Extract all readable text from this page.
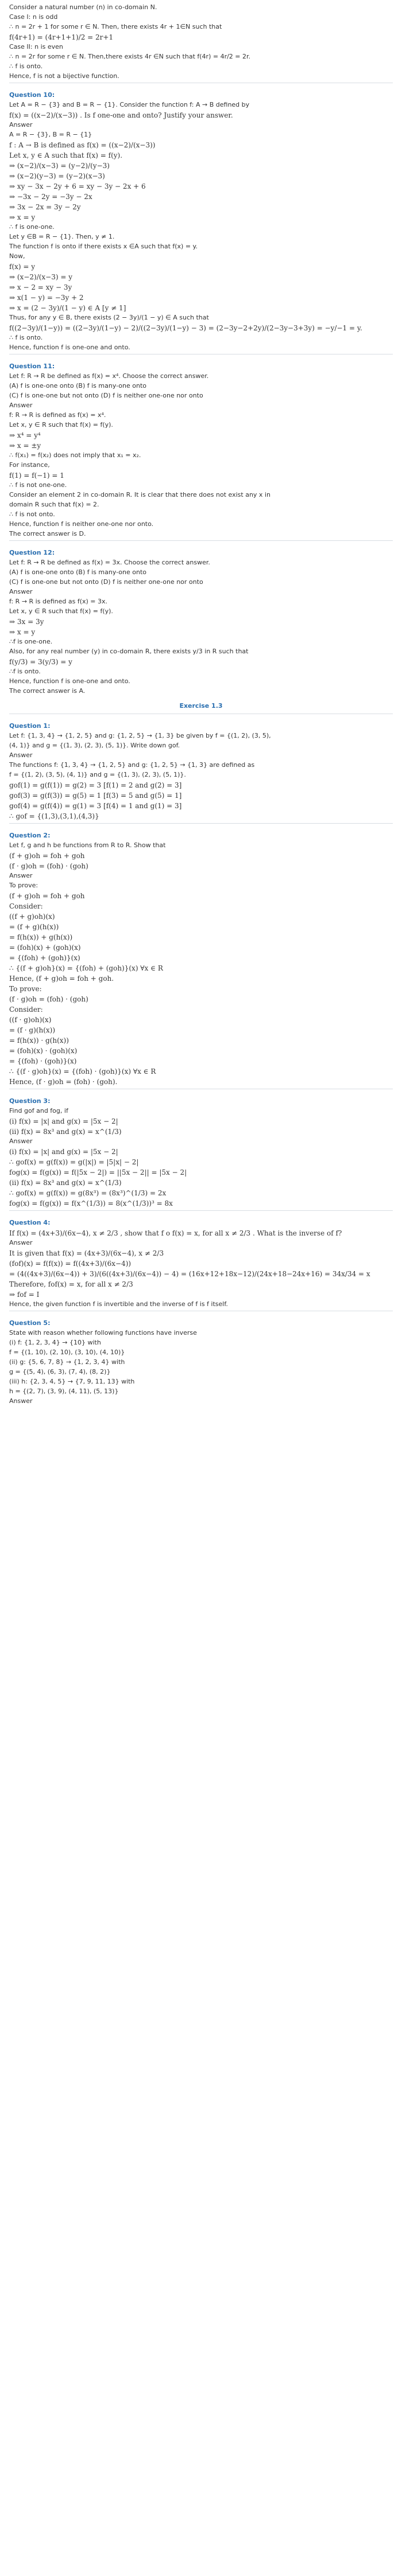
Consider a natural number (n) in co-domain N.
Case I: n is odd
∴ n = 2r + 1 for some r ∈ N. Then, there exists 4r + 1∈N such that
f(4r+1) = (4r+1+1)/2 = 2r+1
Case II: n is even
∴ n = 2r for some r ∈ N. Then,there exists 4r ∈N such that f(4r) = 4r/2 = 2r.
∴ f is onto.
Hence, f is not a bijective function.
Question 10:
Let A = R − {3} and B = R − {1}. Consider the function f: A → B defined by
f(x) = ((x−2)/(x−3)) . Is f one-one and onto? Justify your answer.
Answer
A = R − {3}, B = R − {1}
f : A → B is defined as f(x) = ((x−2)/(x−3))
Let x, y ∈ A such that f(x) = f(y).
⇒ (x−2)/(x−3) = (y−2)/(y−3)
⇒ (x−2)(y−3) = (y−2)(x−3)
⇒ xy − 3x − 2y + 6 = xy − 3y − 2x + 6
⇒ −3x − 2y = −3y − 2x
⇒ 3x − 2x = 3y − 2y
⇒ x = y
∴ f is one-one.
Let y ∈B = R − {1}. Then, y ≠ 1.
The function f is onto if there exists x ∈A such that f(x) = y.
Now,
f(x) = y
⇒ (x−2)/(x−3) = y
⇒ x − 2 = xy − 3y
⇒ x(1 − y) = −3y + 2
⇒ x = (2 − 3y)/(1 − y) ∈ A [y ≠ 1]
Thus, for any y ∈ B, there exists (2 − 3y)/(1 − y) ∈ A such that
f((2−3y)/(1−y)) = ((2−3y)/(1−y) − 2)/((2−3y)/(1−y) − 3) = (2−3y−2+2y)/(2−3y−3+3y) = −y/−1 = y.
∴ f is onto.
Hence, function f is one-one and onto.
Question 11:
Let f: R → R be defined as f(x) = x⁴. Choose the correct answer.
(A) f is one-one onto (B) f is many-one onto
(C) f is one-one but not onto (D) f is neither one-one nor onto
Answer
f: R → R is defined as f(x) = x⁴.
Let x, y ∈ R such that f(x) = f(y).
⇒ x⁴ = y⁴
⇒ x = ±y
∴ f(x₁) = f(x₂) does not imply that x₁ = x₂.
For instance,
f(1) = f(−1) = 1
∴ f is not one-one.
Consider an element 2 in co-domain R. It is clear that there does not exist any x in
domain R such that f(x) = 2.
∴ f is not onto.
Hence, function f is neither one-one nor onto.
The correct answer is D.
Question 12:
Let f: R → R be defined as f(x) = 3x. Choose the correct answer.
(A) f is one-one onto (B) f is many-one onto
(C) f is one-one but not onto (D) f is neither one-one nor onto
Answer
f: R → R is defined as f(x) = 3x.
Let x, y ∈ R such that f(x) = f(y).
⇒ 3x = 3y
⇒ x = y
∴f is one-one.
Also, for any real number (y) in co-domain R, there exists y/3 in R such that
f(y/3) = 3(y/3) = y
∴f is onto.
Hence, function f is one-one and onto.
The correct answer is A.
Exercise 1.3
Question 1:
Let f: {1, 3, 4} → {1, 2, 5} and g: {1, 2, 5} → {1, 3} be given by f = {(1, 2), (3, 5),
(4, 1)} and g = {(1, 3), (2, 3), (5, 1)}. Write down gof.
Answer
The functions f: {1, 3, 4} → {1, 2, 5} and g: {1, 2, 5} → {1, 3} are defined as
f = {(1, 2), (3, 5), (4, 1)} and g = {(1, 3), (2, 3), (5, 1)}.
gof(1) = g(f(1)) = g(2) = 3 [f(1) = 2 and g(2) = 3]
gof(3) = g(f(3)) = g(5) = 1 [f(3) = 5 and g(5) = 1]
gof(4) = g(f(4)) = g(1) = 3 [f(4) = 1 and g(1) = 3]
∴ gof = {(1,3),(3,1),(4,3)}
Question 2:
Let f, g and h be functions from R to R. Show that
(f + g)oh = foh + goh
(f · g)oh = (foh) · (goh)
Answer
To prove:
(f + g)oh = foh + goh
Consider:
((f + g)oh)(x)
= (f + g)(h(x))
= f(h(x)) + g(h(x))
= (foh)(x) + (goh)(x)
= {(foh) + (goh)}(x)
∴ {(f + g)oh}(x) = {(foh) + (goh)}(x) ∀x ∈ R
Hence, (f + g)oh = foh + goh.
To prove:
(f · g)oh = (foh) · (goh)
Consider:
((f · g)oh)(x)
= (f · g)(h(x))
= f(h(x)) · g(h(x))
= (foh)(x) · (goh)(x)
= {(foh) · (goh)}(x)
∴ {(f · g)oh}(x) = {(foh) · (goh)}(x) ∀x ∈ R
Hence, (f · g)oh = (foh) · (goh).
Question 3:
Find gof and fog, if
(i) f(x) = |x| and g(x) = |5x − 2|
(ii) f(x) = 8x³ and g(x) = x^(1/3)
Answer
(i) f(x) = |x| and g(x) = |5x − 2|
∴ gof(x) = g(f(x)) = g(|x|) = |5|x| − 2|
fog(x) = f(g(x)) = f(|5x − 2|) = ||5x − 2|| = |5x − 2|
(ii) f(x) = 8x³ and g(x) = x^(1/3)
∴ gof(x) = g(f(x)) = g(8x³) = (8x³)^(1/3) = 2x
fog(x) = f(g(x)) = f(x^(1/3)) = 8(x^(1/3))³ = 8x
Question 4:
If f(x) = (4x+3)/(6x−4), x ≠ 2/3 , show that f o f(x) = x, for all x ≠ 2/3 . What is the inverse of f?
Answer
It is given that f(x) = (4x+3)/(6x−4), x ≠ 2/3
(fof)(x) = f(f(x)) = f((4x+3)/(6x−4))
= (4((4x+3)/(6x−4)) + 3)/(6((4x+3)/(6x−4)) − 4) = (16x+12+18x−12)/(24x+18−24x+16) = 34x/34 = x
Therefore, fof(x) = x, for all x ≠ 2/3
⇒ fof = I
Hence, the given function f is invertible and the inverse of f is f itself.
Question 5:
State with reason whether following functions have inverse
(i) f: {1, 2, 3, 4} → {10} with
f = {(1, 10), (2, 10), (3, 10), (4, 10)}
(ii) g: {5, 6, 7, 8} → {1, 2, 3, 4} with
g = {(5, 4), (6, 3), (7, 4), (8, 2)}
(iii) h: {2, 3, 4, 5} → {7, 9, 11, 13} with
h = {(2, 7), (3, 9), (4, 11), (5, 13)}
Answer
